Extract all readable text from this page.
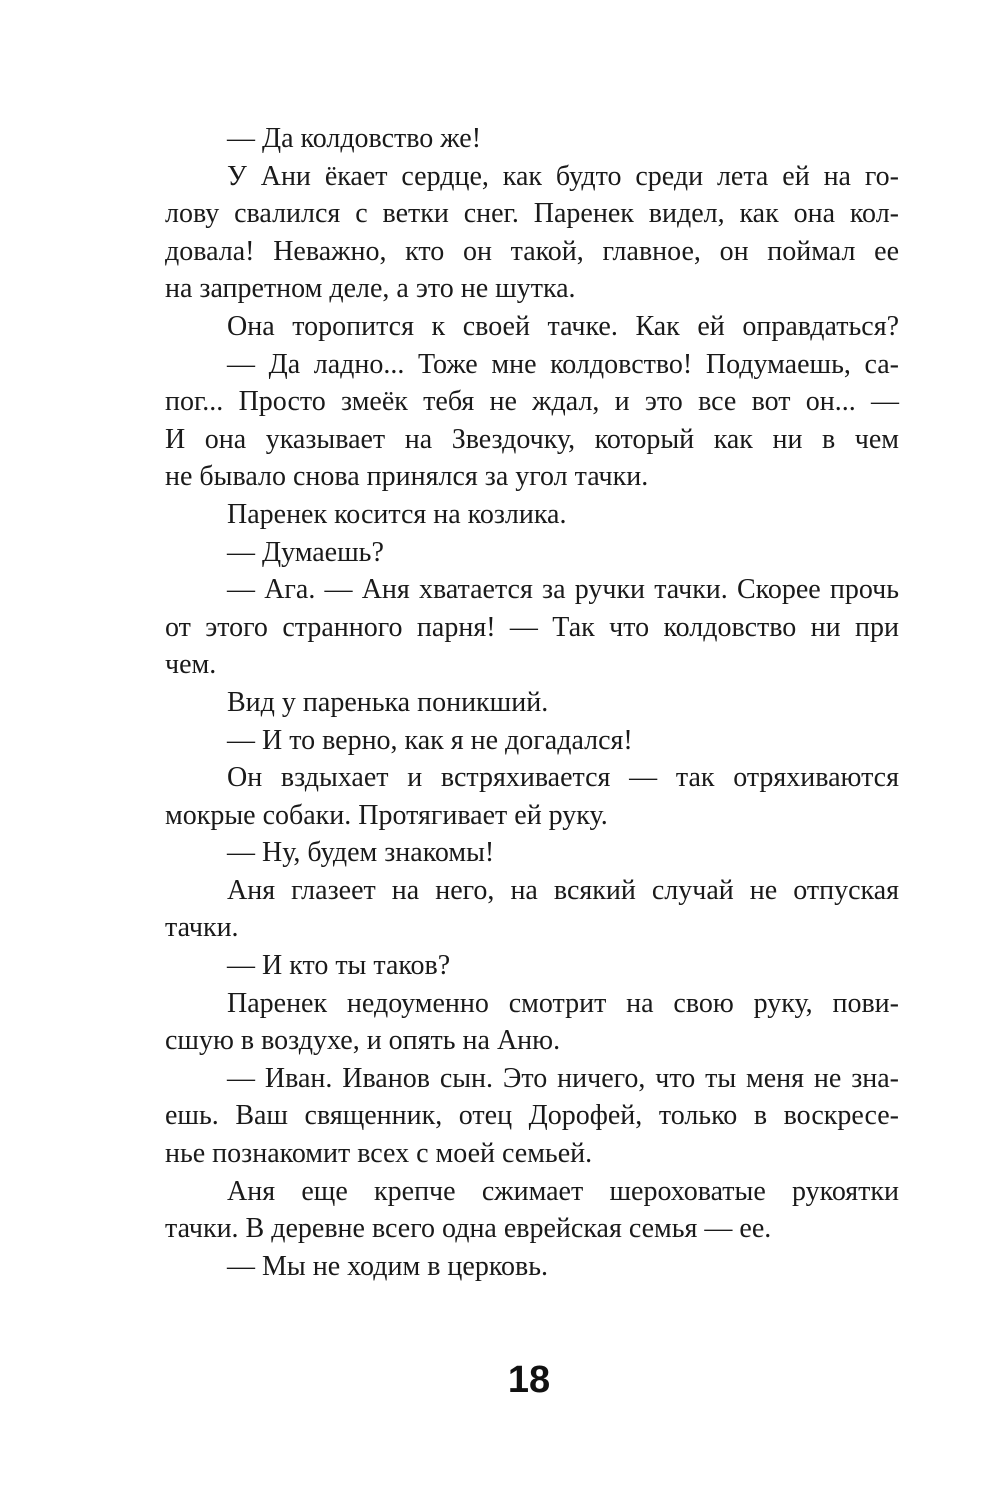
— Да колдовство же!
У Ани ёкает сердце, как будто среди лета ей на го-
лову свалился с ветки снег. Паренек видел, как она кол-
довала! Неважно, кто он такой, главное, он поймал ее
на запретном деле, а это не шутка.
Она торопится к своей тачке. Как ей оправдаться?
— Да ладно... Тоже мне колдовство! Подумаешь, са-
пог... Просто змеёк тебя не ждал, и это все вот он... —
И она указывает на Звездочку, который как ни в чем
не бывало снова принялся за угол тачки.
Паренек косится на козлика.
— Думаешь?
— Ага. — Аня хватается за ручки тачки. Скорее прочь
от этого странного парня! — Так что колдовство ни при
чем.
Вид у паренька поникший.
— И то верно, как я не догадался!
Он вздыхает и встряхивается — так отряхиваются
мокрые собаки. Протягивает ей руку.
— Ну, будем знакомы!
Аня глазеет на него, на всякий случай не отпуская
тачки.
— И кто ты таков?
Паренек недоуменно смотрит на свою руку, пови-
сшую в воздухе, и опять на Аню.
— Иван. Иванов сын. Это ничего, что ты меня не зна-
ешь. Ваш священник, отец Дорофей, только в воскресе-
нье познакомит всех с моей семьей.
Аня еще крепче сжимает шероховатые рукоятки
тачки. В деревне всего одна еврейская семья — ее.
— Мы не ходим в церковь.
18
